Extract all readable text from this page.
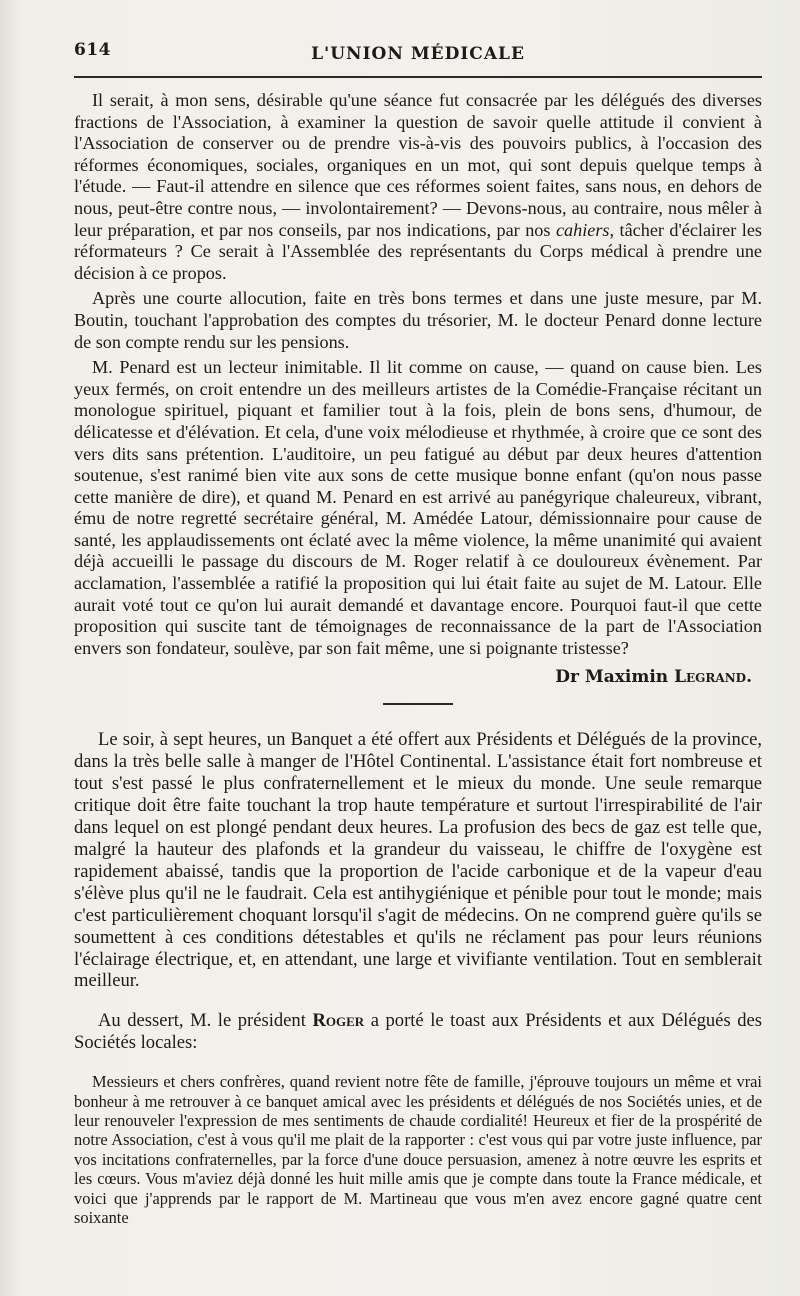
614	L'UNION MÉDICALE

Il serait, à mon sens, désirable qu'une séance fut consacrée par les délégués des diverses fractions de l'Association, à examiner la question de savoir quelle attitude il convient à l'Association de conserver ou de prendre vis-à-vis des pouvoirs publics, à l'occasion des réformes économiques, sociales, organiques en un mot, qui sont depuis quelque temps à l'étude. — Faut-il attendre en silence que ces réformes soient faites, sans nous, en dehors de nous, peut-être contre nous, — involontairement? — Devons-nous, au contraire, nous mêler à leur préparation, et par nos conseils, par nos indications, par nos cahiers, tâcher d'éclairer les réformateurs ? Ce serait à l'Assemblée des représentants du Corps médical à prendre une décision à ce propos.

Après une courte allocution, faite en très bons termes et dans une juste mesure, par M. Boutin, touchant l'approbation des comptes du trésorier, M. le docteur Penard donne lecture de son compte rendu sur les pensions.

M. Penard est un lecteur inimitable. Il lit comme on cause, — quand on cause bien. Les yeux fermés, on croit entendre un des meilleurs artistes de la Comédie-Française récitant un monologue spirituel, piquant et familier tout à la fois, plein de bons sens, d'humour, de délicatesse et d'élévation. Et cela, d'une voix mélodieuse et rhythmée, à croire que ce sont des vers dits sans prétention. L'auditoire, un peu fatigué au début par deux heures d'attention soutenue, s'est ranimé bien vite aux sons de cette musique bonne enfant (qu'on nous passe cette manière de dire), et quand M. Penard en est arrivé au panégyrique chaleureux, vibrant, ému de notre regretté secrétaire général, M. Amédée Latour, démissionnaire pour cause de santé, les applaudissements ont éclaté avec la même violence, la même unanimité qui avaient déjà accueilli le passage du discours de M. Roger relatif à ce douloureux évènement. Par acclamation, l'assemblée a ratifié la proposition qui lui était faite au sujet de M. Latour. Elle aurait voté tout ce qu'on lui aurait demandé et davantage encore. Pourquoi faut-il que cette proposition qui suscite tant de témoignages de reconnaissance de la part de l'Association envers son fondateur, soulève, par son fait même, une si poignante tristesse?

Dr Maximin Legrand.

Le soir, à sept heures, un Banquet a été offert aux Présidents et Délégués de la province, dans la très belle salle à manger de l'Hôtel Continental. L'assistance était fort nombreuse et tout s'est passé le plus confraternellement et le mieux du monde. Une seule remarque critique doit être faite touchant la trop haute température et surtout l'irrespirabilité de l'air dans lequel on est plongé pendant deux heures. La profusion des becs de gaz est telle que, malgré la hauteur des plafonds et la grandeur du vaisseau, le chiffre de l'oxygène est rapidement abaissé, tandis que la proportion de l'acide carbonique et de la vapeur d'eau s'élève plus qu'il ne le faudrait. Cela est antihygiénique et pénible pour tout le monde; mais c'est particulièrement choquant lorsqu'il s'agit de médecins. On ne comprend guère qu'ils se soumettent à ces conditions détestables et qu'ils ne réclament pas pour leurs réunions l'éclairage électrique, et, en attendant, une large et vivifiante ventilation. Tout en semblerait meilleur.

Au dessert, M. le président Roger a porté le toast aux Présidents et aux Délégués des Sociétés locales:

Messieurs et chers confrères, quand revient notre fête de famille, j'éprouve toujours un même et vrai bonheur à me retrouver à ce banquet amical avec les présidents et délégués de nos Sociétés unies, et de leur renouveler l'expression de mes sentiments de chaude cordialité! Heureux et fier de la prospérité de notre Association, c'est à vous qu'il me plait de la rapporter : c'est vous qui par votre juste influence, par vos incitations confraternelles, par la force d'une douce persuasion, amenez à notre œuvre les esprits et les cœurs. Vous m'aviez déjà donné les huit mille amis que je compte dans toute la France médicale, et voici que j'apprends par le rapport de M. Martineau que vous m'en avez encore gagné quatre cent soixante
